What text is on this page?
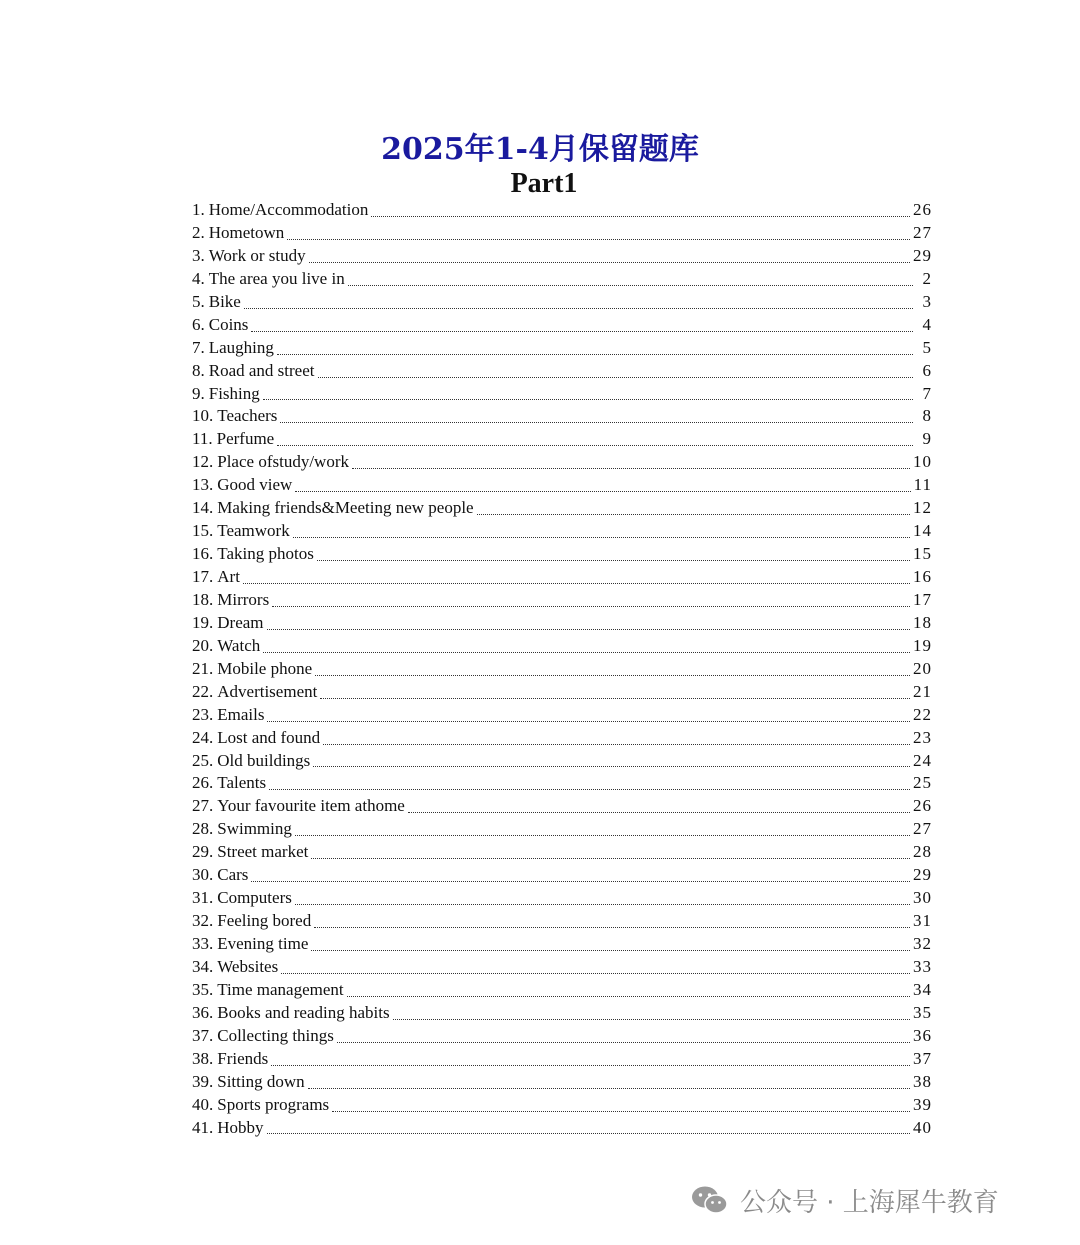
2025年1-4月保留题库
Part1
1. Home/Accommodation	26
2. Hometown	27
3. Work or study	29
4. The area you live in	2
5. Bike	3
6. Coins	4
7. Laughing	5
8. Road and street	6
9. Fishing	7
10. Teachers	8
11. Perfume	9
12. Place ofstudy/work	10
13. Good view	11
14. Making friends&Meeting new people	12
15. Teamwork	14
16. Taking photos	15
17. Art	16
18. Mirrors	17
19. Dream	18
20. Watch	19
21. Mobile phone	20
22. Advertisement	21
23. Emails	22
24. Lost and found	23
25. Old buildings	24
26. Talents	25
27. Your favourite item athome	26
28. Swimming	27
29. Street market	28
30. Cars	29
31. Computers	30
32. Feeling bored	31
33. Evening time	32
34. Websites	33
35. Time management	34
36. Books and reading habits	35
37. Collecting things	36
38. Friends	37
39. Sitting down	38
40. Sports programs	39
41. Hobby	40
公众号 · 上海犀牛教育
